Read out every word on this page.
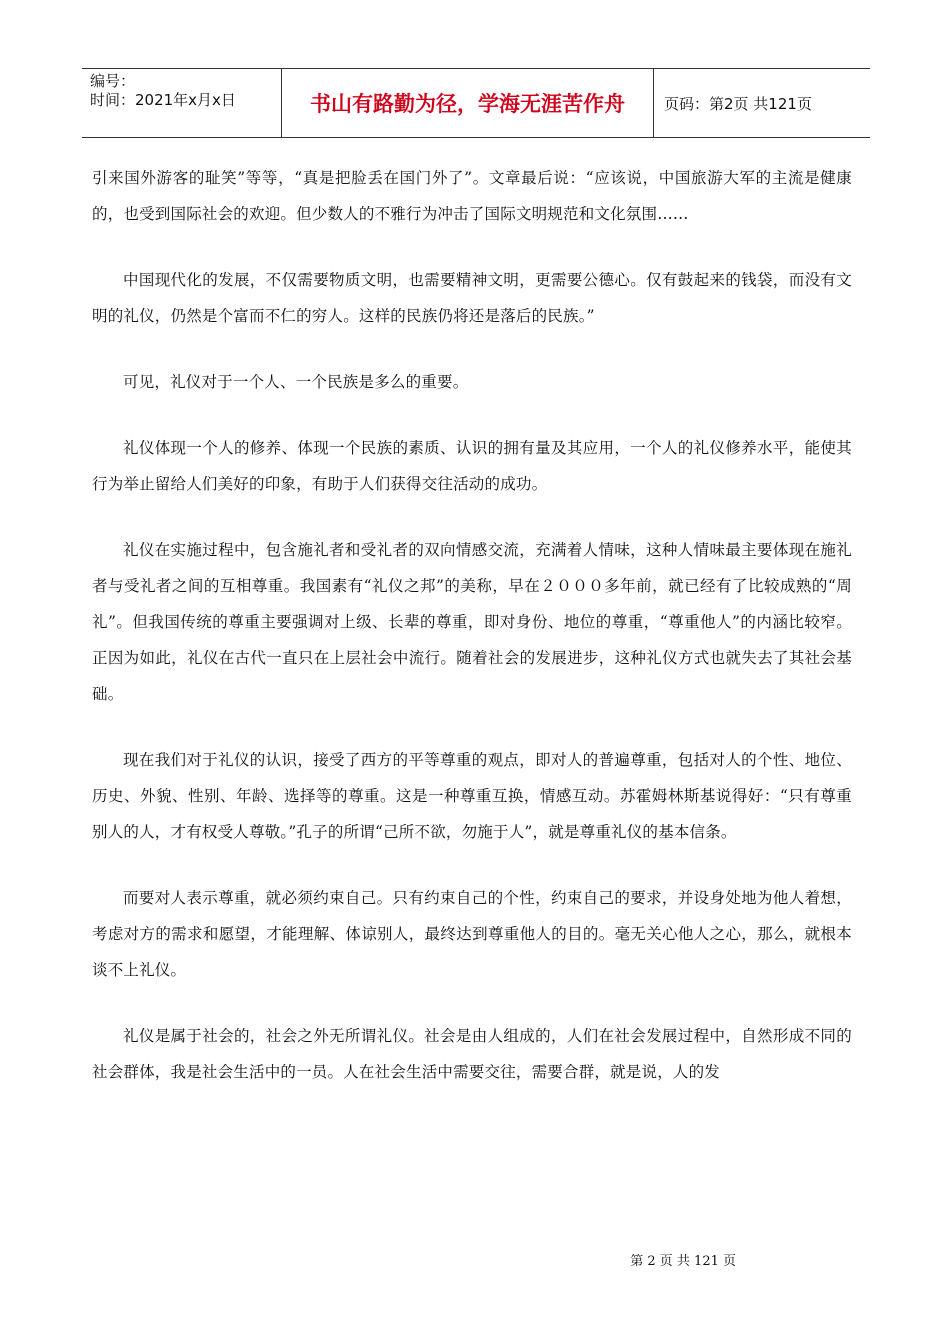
编号：
时间：2021年x月x日	书山有路勤为径，学海无涯苦作舟	页码：第2页 共121页

引来国外游客的耻笑”等等，“真是把脸丢在国门外了”。文章最后说：“应该说，中国旅游大军的主流是健康的，也受到国际社会的欢迎。但少数人的不雅行为冲击了国际文明规范和文化氛围……

中国现代化的发展，不仅需要物质文明，也需要精神文明，更需要公德心。仅有鼓起来的钱袋，而没有文明的礼仪，仍然是个富而不仁的穷人。这样的民族仍将还是落后的民族。”

可见，礼仪对于一个人、一个民族是多么的重要。

礼仪体现一个人的修养、体现一个民族的素质、认识的拥有量及其应用，一个人的礼仪修养水平，能使其行为举止留给人们美好的印象，有助于人们获得交往活动的成功。

礼仪在实施过程中，包含施礼者和受礼者的双向情感交流，充满着人情味，这种人情味最主要体现在施礼者与受礼者之间的互相尊重。我国素有“礼仪之邦”的美称，早在２０００多年前，就已经有了比较成熟的“周礼”。但我国传统的尊重主要强调对上级、长辈的尊重，即对身份、地位的尊重，“尊重他人”的内涵比较窄。正因为如此，礼仪在古代一直只在上层社会中流行。随着社会的发展进步，这种礼仪方式也就失去了其社会基础。

现在我们对于礼仪的认识，接受了西方的平等尊重的观点，即对人的普遍尊重，包括对人的个性、地位、历史、外貌、性别、年龄、选择等的尊重。这是一种尊重互换，情感互动。苏霍姆林斯基说得好：“只有尊重别人的人，才有权受人尊敬。”孔子的所谓“己所不欲，勿施于人”，就是尊重礼仪的基本信条。

而要对人表示尊重，就必须约束自己。只有约束自己的个性，约束自己的要求，并设身处地为他人着想，考虑对方的需求和愿望，才能理解、体谅别人，最终达到尊重他人的目的。毫无关心他人之心，那么，就根本谈不上礼仪。

礼仪是属于社会的，社会之外无所谓礼仪。社会是由人组成的，人们在社会发展过程中，自然形成不同的社会群体，我是社会生活中的一员。人在社会生活中需要交往，需要合群，就是说，人的发

第 2 页 共 121 页
